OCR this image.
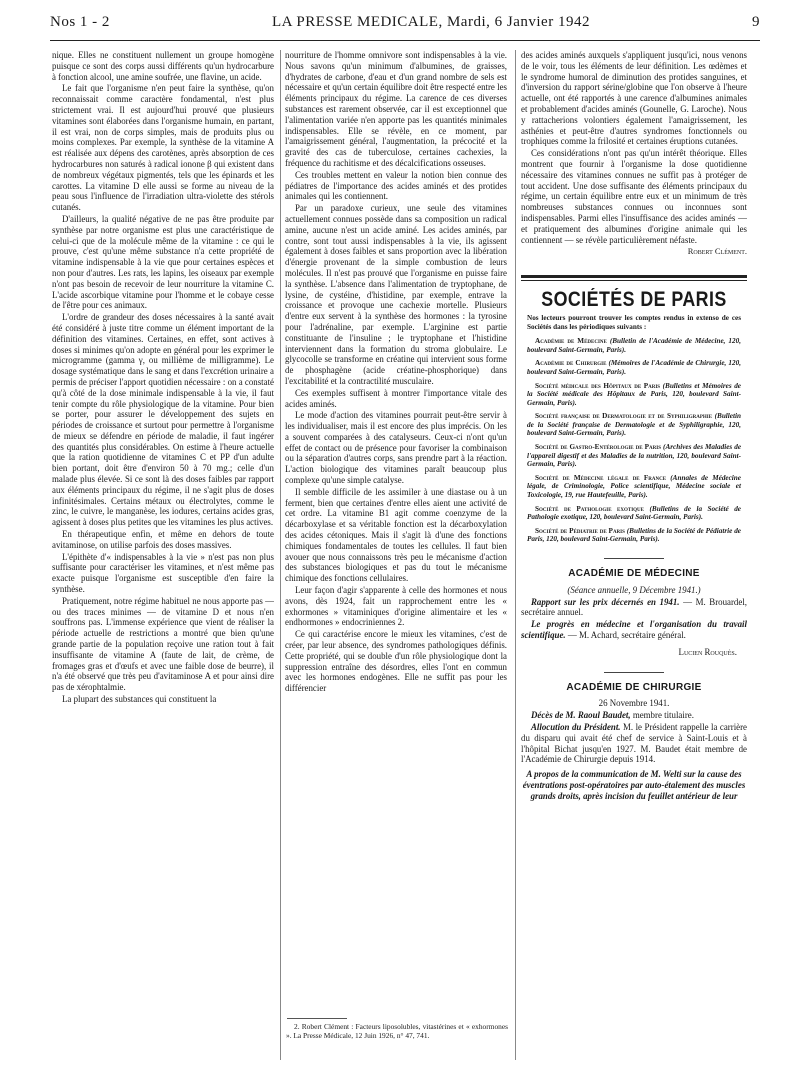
Nos 1 - 2	LA PRESSE MEDICALE, Mardi, 6 Janvier 1942	9

nique. Elles ne constituent nullement un groupe homogène puisque ce sont des corps aussi différents qu'un hydrocarbure à fonction alcool, une amine soufrée, une flavine, un acide.

Le fait que l'organisme n'en peut faire la synthèse, qu'on reconnaissait comme caractère fondamental, n'est plus strictement vrai. Il est aujourd'hui prouvé que plusieurs vitamines sont élaborées dans l'organisme humain, en partant, il est vrai, non de corps simples, mais de produits plus ou moins complexes. Par exemple, la synthèse de la vitamine A est réalisée aux dépens des carotènes, après absorption de ces hydrocarbures non saturés à radical ionone β qui existent dans de nombreux végétaux pigmentés, tels que les épinards et les carottes. La vitamine D elle aussi se forme au niveau de la peau sous l'influence de l'irradiation ultra-violette des stérols cutanés.

D'ailleurs, la qualité négative de ne pas être produite par synthèse par notre organisme est plus une caractéristique de celui-ci que de la molécule même de la vitamine : ce qui le prouve, c'est qu'une même substance n'a cette propriété de vitamine indispensable à la vie que pour certaines espèces et non pour d'autres. Les rats, les lapins, les oiseaux par exemple n'ont pas besoin de recevoir de leur nourriture la vitamine C. L'acide ascorbique vitamine pour l'homme et le cobaye cesse de l'être pour ces animaux.

L'ordre de grandeur des doses nécessaires à la santé avait été considéré à juste titre comme un élément important de la définition des vitamines. Certaines, en effet, sont actives à doses si minimes qu'on adopte en général pour les exprimer le microgramme (gamma γ, ou millième de milligramme). Le dosage systématique dans le sang et dans l'excrétion urinaire a permis de préciser l'apport quotidien nécessaire : on a constaté qu'à côté de la dose minimale indispensable à la vie, il faut tenir compte du rôle physiologique de la vitamine. Pour bien se porter, pour assurer le développement des sujets en périodes de croissance et surtout pour permettre à l'organisme de mieux se défendre en période de maladie, il faut ingérer des quantités plus considérables. On estime à l'heure actuelle que la ration quotidienne de vitamines C et PP d'un adulte bien portant, doit être d'environ 50 à 70 mg.; celle d'un malade plus élevée. Si ce sont là des doses faibles par rapport aux éléments principaux du régime, il ne s'agit plus de doses infinitésimales. Certains métaux ou électrolytes, comme le zinc, le cuivre, le manganèse, les iodures, certains acides gras, agissent à doses plus petites que les vitamines les plus actives.

En thérapeutique enfin, et même en dehors de toute avitaminose, on utilise parfois des doses massives.

L'épithète d'« indispensables à la vie » n'est pas non plus suffisante pour caractériser les vitamines, et n'est même pas exacte puisque l'organisme est susceptible d'en faire la synthèse.

Pratiquement, notre régime habituel ne nous apporte pas — ou des traces minimes — de vitamine D et nous n'en souffrons pas. L'immense expérience que vient de réaliser la période actuelle de restrictions a montré que bien qu'une grande partie de la population reçoive une ration tout à fait insuffisante de vitamine A (faute de lait, de crème, de fromages gras et d'œufs et avec une faible dose de beurre), il n'a été observé que très peu d'avitaminose A et pour ainsi dire pas de xérophtalmie.

La plupart des substances qui constituent la

nourriture de l'homme omnivore sont indispensables à la vie. Nous savons qu'un minimum d'albumines, de graisses, d'hydrates de carbone, d'eau et d'un grand nombre de sels est nécessaire et qu'un certain équilibre doit être respecté entre les éléments principaux du régime. La carence de ces diverses substances est rarement observée, car il est exceptionnel que l'alimentation variée n'en apporte pas les quantités minimales indispensables. Elle se révèle, en ce moment, par l'amaigrissement général, l'augmentation, la précocité et la gravité des cas de tuberculose, certaines cachexies, la fréquence du rachitisme et des décalcifications osseuses.

Ces troubles mettent en valeur la notion bien connue des pédiatres de l'importance des acides aminés et des protides animales qui les contiennent.

Par un paradoxe curieux, une seule des vitamines actuellement connues possède dans sa composition un radical amine, aucune n'est un acide aminé. Les acides aminés, par contre, sont tout aussi indispensables à la vie, ils agissent également à doses faibles et sans proportion avec la libération d'énergie provenant de la simple combustion de leurs molécules. Il n'est pas prouvé que l'organisme en puisse faire la synthèse. L'absence dans l'alimentation de tryptophane, de lysine, de cystéine, d'histidine, par exemple, entrave la croissance et provoque une cachexie mortelle. Plusieurs d'entre eux servent à la synthèse des hormones : la tyrosine pour l'adrénaline, par exemple. L'arginine est partie constituante de l'insuline ; le tryptophane et l'histidine interviennent dans la formation du stroma globulaire. Le glycocolle se transforme en créatine qui intervient sous forme de phosphagène (acide créatine-phosphorique) dans l'excitabilité et la contractilité musculaire.

Ces exemples suffisent à montrer l'importance vitale des acides aminés.

Le mode d'action des vitamines pourrait peut-être servir à les individualiser, mais il est encore des plus imprécis. On les a souvent comparées à des catalyseurs. Ceux-ci n'ont qu'un effet de contact ou de présence pour favoriser la combinaison ou la séparation d'autres corps, sans prendre part à la réaction. L'action biologique des vitamines paraît beaucoup plus complexe qu'une simple catalyse.

Il semble difficile de les assimiler à une diastase ou à un ferment, bien que certaines d'entre elles aient une activité de cet ordre. La vitamine B1 agit comme coenzyme de la décarboxylase et sa véritable fonction est la décarboxylation des acides cétoniques. Mais il s'agit là d'une des fonctions chimiques fondamentales de toutes les cellules. Il faut bien avouer que nous connaissons très peu le mécanisme d'action des substances biologiques et pas du tout le mécanisme chimique des fonctions cellulaires.

Leur façon d'agir s'apparente à celle des hormones et nous avons, dès 1924, fait un rapprochement entre les « exhormones » vitaminiques d'origine alimentaire et les « endhormones » endocriniennes 2.

Ce qui caractérise encore le mieux les vitamines, c'est de créer, par leur absence, des syndromes pathologiques définis. Cette propriété, qui se double d'un rôle physiologique dont la suppression entraîne des désordres, elles l'ont en commun avec les hormones endogènes. Elle ne suffit pas pour les différencier

2. Robert Clément : Facteurs liposolubles, vitastérines et « exhormones ». La Presse Médicale, 12 Juin 1926, n° 47, 741.

des acides aminés auxquels s'appliquent jusqu'ici, nous venons de le voir, tous les éléments de leur définition. Les œdèmes et le syndrome humoral de diminution des protides sanguines, et d'inversion du rapport sérine/globine que l'on observe à l'heure actuelle, ont été rapportés à une carence d'albumines animales et probablement d'acides aminés (Gounelle, G. Laroche). Nous y rattacherions volontiers également l'amaigrissement, les asthénies et peut-être d'autres syndromes fonctionnels ou trophiques comme la frilosité et certaines éruptions cutanées.

Ces considérations n'ont pas qu'un intérêt théorique. Elles montrent que fournir à l'organisme la dose quotidienne nécessaire des vitamines connues ne suffit pas à protéger de tout accident. Une dose suffisante des éléments principaux du régime, un certain équilibre entre eux et un minimum de très nombreuses substances connues ou inconnues sont indispensables. Parmi elles l'insuffisance des acides aminés — et pratiquement des albumines d'origine animale qui les contiennent — se révèle particulièrement néfaste.

Robert Clément.

SOCIÉTÉS DE PARIS
Nos lecteurs pourront trouver les comptes rendus in extenso de ces Sociétés dans les périodiques suivants :

Académie de Médecine (Bulletin de l'Académie de Médecine, 120, boulevard Saint-Germain, Paris).

Académie de Chirurgie (Mémoires de l'Académie de Chirurgie, 120, boulevard Saint-Germain, Paris).

Société médicale des Hôpitaux de Paris (Bulletins et Mémoires de la Société médicale des Hôpitaux de Paris, 120, boulevard Saint-Germain, Paris).

Société française de Dermatologie et de Syphiligraphie (Bulletin de la Société française de Dermatologie et de Syphiligraphie, 120, boulevard Saint-Germain, Paris).

Société de Gastro-Entérologie de Paris (Archives des Maladies de l'appareil digestif et des Maladies de la nutrition, 120, boulevard Saint-Germain, Paris).

Société de Médecine légale de France (Annales de Médecine légale, de Criminologie, Police scientifique, Médecine sociale et Toxicologie, 19, rue Hautefeuille, Paris).

Société de Pathologie exotique (Bulletins de la Société de Pathologie exotique, 120, boulevard Saint-Germain, Paris).

Société de Pédiatrie de Paris (Bulletins de la Société de Pédiatrie de Paris, 120, boulevard Saint-Germain, Paris).

ACADÉMIE DE MÉDECINE

(Séance annuelle, 9 Décembre 1941.)

Rapport sur les prix décernés en 1941. — M. Brouardel, secrétaire annuel.

Le progrès en médecine et l'organisation du travail scientifique. — M. Achard, secrétaire général.

Lucien Rouquès.

ACADÉMIE DE CHIRURGIE

26 Novembre 1941.

Décès de M. Raoul Baudet, membre titulaire.

Allocution du Président. M. le Président rappelle la carrière du disparu qui avait été chef de service à Saint-Louis et à l'hôpital Bichat jusqu'en 1927. M. Baudet était membre de l'Académie de Chirurgie depuis 1914.

A propos de la communication de M. Welti sur la cause des éventrations post-opératoires par auto-étalement des muscles grands droits, après incision du feuillet antérieur de leur
